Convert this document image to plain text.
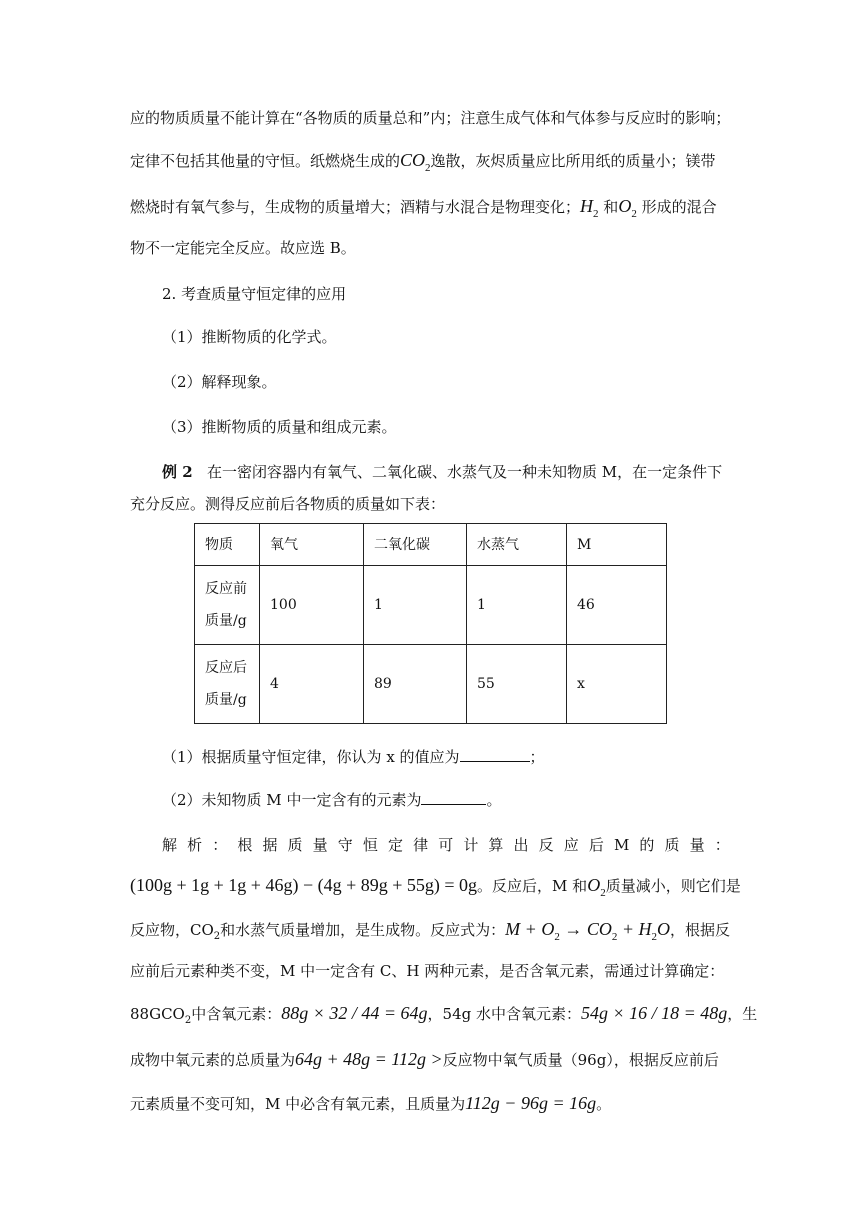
应的物质质量不能计算在“各物质的质量总和”内；注意生成气体和气体参与反应时的影响；
定律不包括其他量的守恒。纸燃烧生成的$CO_2$逸散，灰烬质量应比所用纸的质量小；镁带
燃烧时有氧气参与，生成物的质量增大；酒精与水混合是物理变化；$H_2$ 和$O_2$ 形成的混合
物不一定能完全反应。故应选 B。
2. 考查质量守恒定律的应用
（1）推断物质的化学式。
（2）解释现象。
（3）推断物质的质量和组成元素。
例 2 在一密闭容器内有氧气、二氧化碳、水蒸气及一种未知物质 M，在一定条件下
充分反应。测得反应前后各物质的质量如下表：
物质	氧气	二氧化碳	水蒸气	M

反应前
质量/g	100	1	1	46

反应后
质量/g	4	89	55	x
（1）根据质量守恒定律，你认为 x 的值应为	；
（2）未知物质 M 中一定含有的元素为	。
解 析 ： 根 据 质 量 守 恒 定 律 可 计 算 出 反 应 后 M 的 质 量 ：
(100g + 1g + 1g + 46g) − (4g + 89g + 55g) = 0g。反应后，M 和$O_2$质量减小，则它们是
反应物，$CO_2$和水蒸气质量增加，是生成物。反应式为：$M + O_2 \to CO_2 + H_2O$，根据反
应前后元素种类不变，M 中一定含有 C、H 两种元素，是否含氧元素，需通过计算确定：
$88GCO_2$中含氧元素：88g × 32 / 44 = 64g，54g 水中含氧元素：54g × 16 / 18 = 48g，生
成物中氧元素的总质量为64g + 48g = 112g >反应物中氧气质量（96g），根据反应前后
元素质量不变可知，M 中必含有氧元素，且质量为112g − 96g = 16g。
